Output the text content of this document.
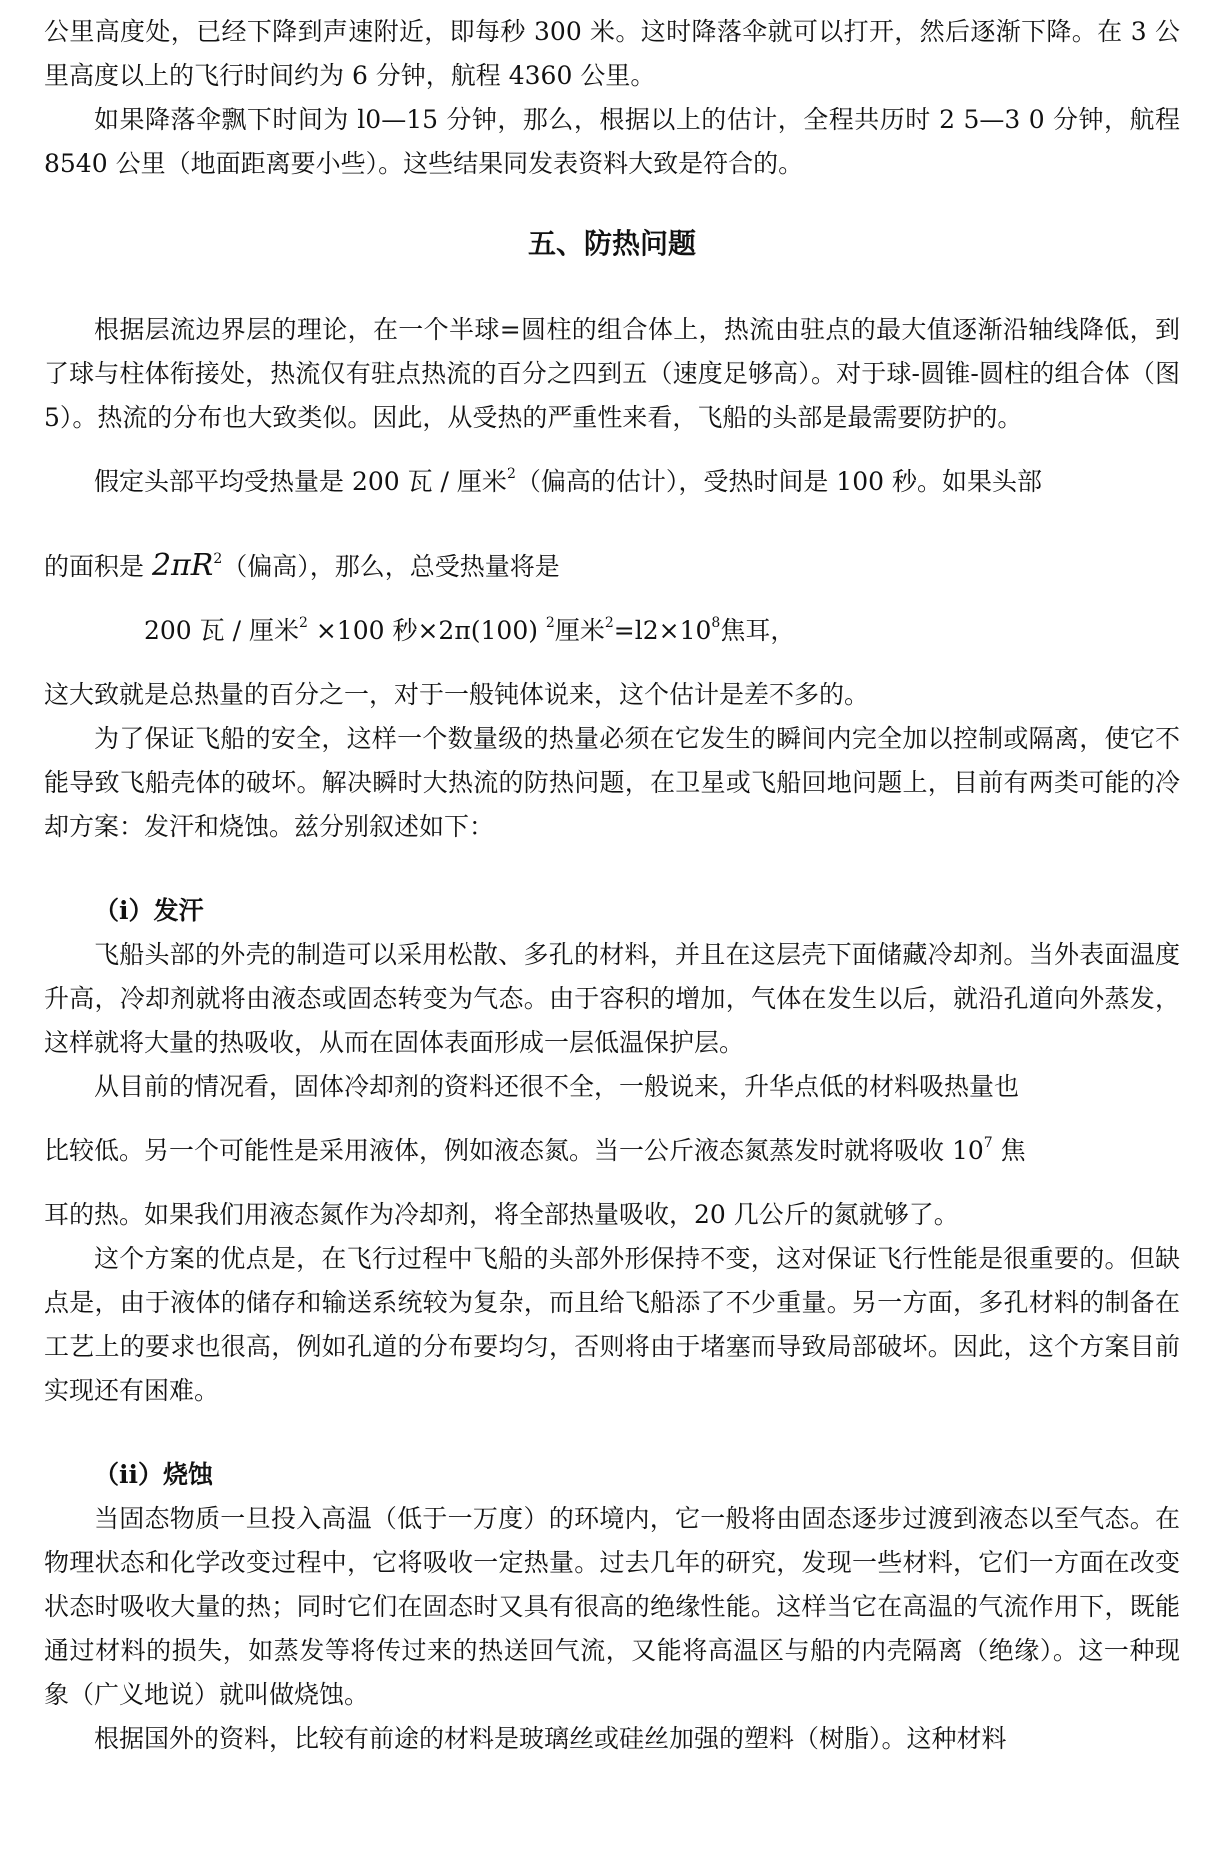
公里高度处，已经下降到声速附近，即每秒 300 米。这时降落伞就可以打开，然后逐渐下降。在 3 公里高度以上的飞行时间约为 6 分钟，航程 4360 公里。

如果降落伞飘下时间为 l0—15 分钟，那么，根据以上的估计，全程共历时 2 5—3 0 分钟，航程 8540 公里（地面距离要小些）。这些结果同发表资料大致是符合的。

五、防热问题

根据层流边界层的理论，在一个半球=圆柱的组合体上，热流由驻点的最大值逐渐沿轴线降低，到了球与柱体衔接处，热流仅有驻点热流的百分之四到五（速度足够高）。对于球-圆锥-圆柱的组合体（图 5）。热流的分布也大致类似。因此，从受热的严重性来看，飞船的头部是最需要防护的。

假定头部平均受热量是 200 瓦 / 厘米$^2$（偏高的估计），受热时间是 100 秒。如果头部

的面积是 $2\pi R^2$（偏高），那么，总受热量将是

200 瓦 / 厘米$^2$ ×100 秒×2π(100) $^2$厘米$^2=l2\times 10^8$焦耳，

这大致就是总热量的百分之一，对于一般钝体说来，这个估计是差不多的。

为了保证飞船的安全，这样一个数量级的热量必须在它发生的瞬间内完全加以控制或隔离，使它不能导致飞船壳体的破坏。解决瞬时大热流的防热问题，在卫星或飞船回地问题上，目前有两类可能的冷却方案：发汗和烧蚀。兹分别叙述如下：

（i）发汗

飞船头部的外壳的制造可以采用松散、多孔的材料，并且在这层壳下面储藏冷却剂。当外表面温度升高，冷却剂就将由液态或固态转变为气态。由于容积的增加，气体在发生以后，就沿孔道向外蒸发，这样就将大量的热吸收，从而在固体表面形成一层低温保护层。

从目前的情况看，固体冷却剂的资料还很不全，一般说来，升华点低的材料吸热量也

比较低。另一个可能性是采用液体，例如液态氮。当一公斤液态氮蒸发时就将吸收 $10^7$ 焦

耳的热。如果我们用液态氮作为冷却剂，将全部热量吸收，20 几公斤的氮就够了。

这个方案的优点是，在飞行过程中飞船的头部外形保持不变，这对保证飞行性能是很重要的。但缺点是，由于液体的储存和输送系统较为复杂，而且给飞船添了不少重量。另一方面，多孔材料的制备在工艺上的要求也很高，例如孔道的分布要均匀，否则将由于堵塞而导致局部破坏。因此，这个方案目前实现还有困难。

（ii）烧蚀

当固态物质一旦投入高温（低于一万度）的环境内，它一般将由固态逐步过渡到液态以至气态。在物理状态和化学改变过程中，它将吸收一定热量。过去几年的研究，发现一些材料，它们一方面在改变状态时吸收大量的热；同时它们在固态时又具有很高的绝缘性能。这样当它在高温的气流作用下，既能通过材料的损失，如蒸发等将传过来的热送回气流，又能将高温区与船的内壳隔离（绝缘）。这一种现象（广义地说）就叫做烧蚀。

根据国外的资料，比较有前途的材料是玻璃丝或硅丝加强的塑料（树脂）。这种材料
